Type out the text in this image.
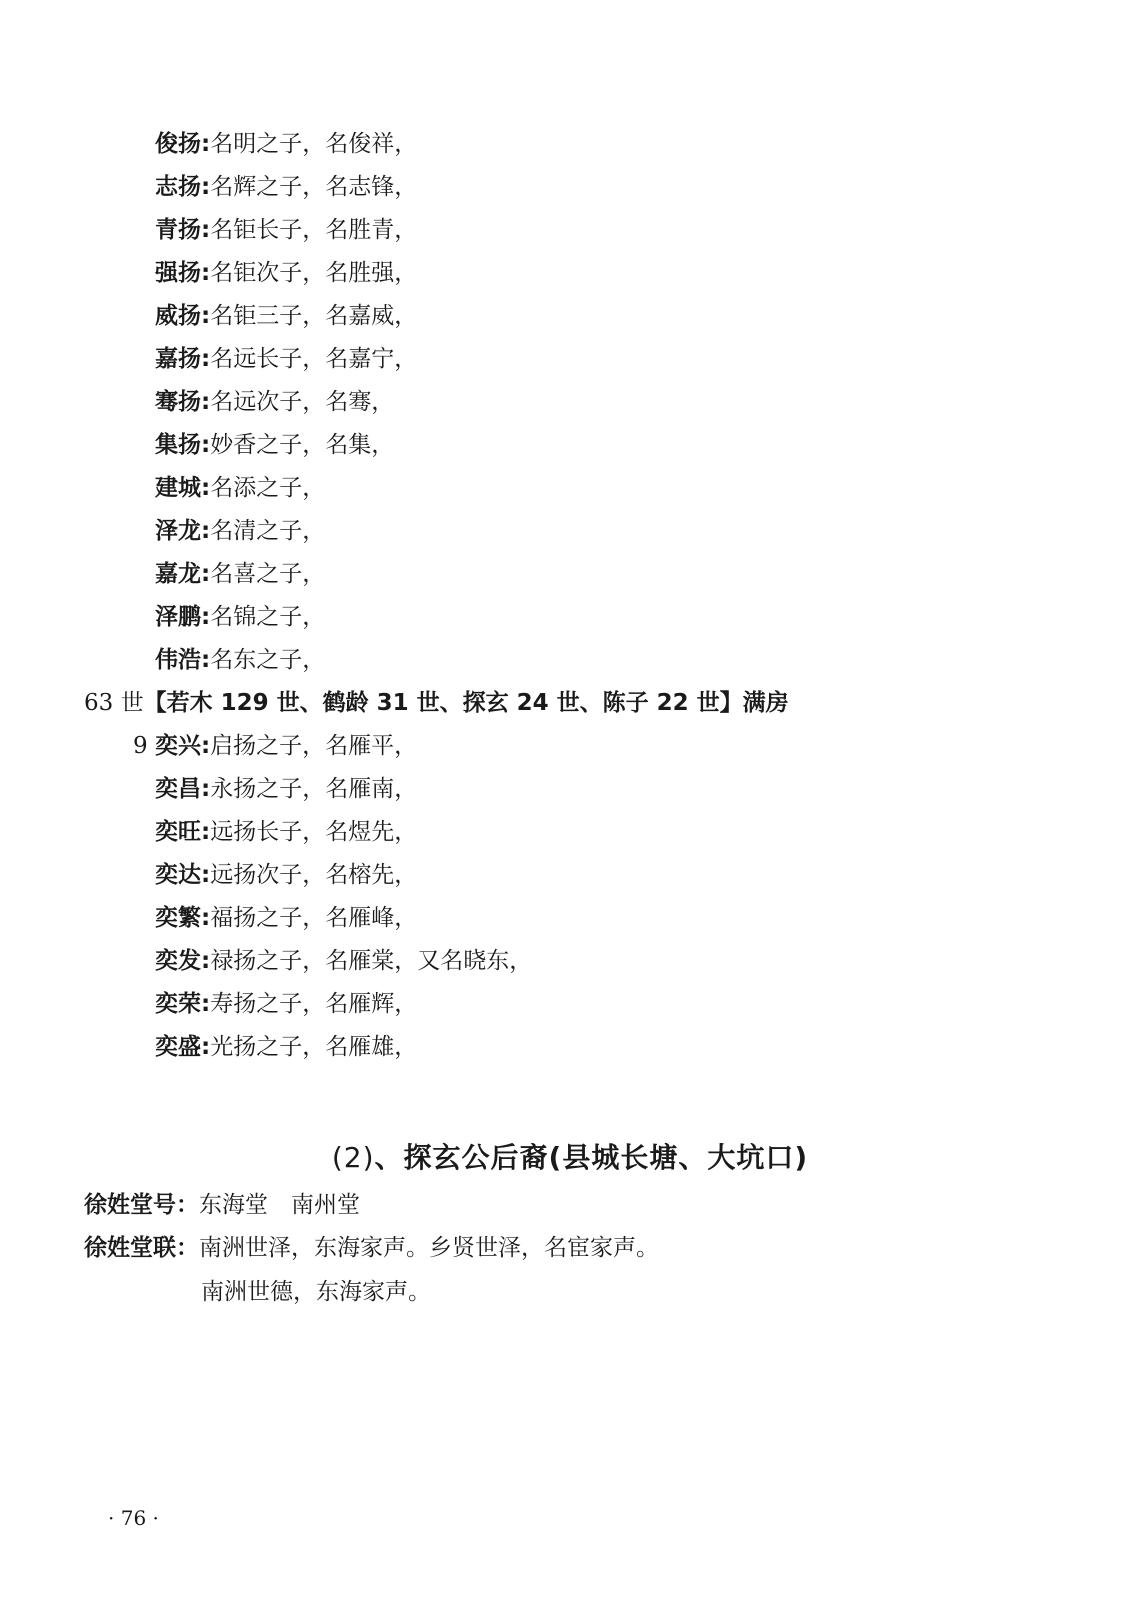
俊扬:名明之子，名俊祥，
志扬:名辉之子，名志锋，
青扬:名钜长子，名胜青，
强扬:名钜次子，名胜强，
威扬:名钜三子，名嘉威，
嘉扬:名远长子，名嘉宁，
骞扬:名远次子，名骞，
集扬:妙香之子，名集，
建城:名添之子，
泽龙:名清之子，
嘉龙:名喜之子，
泽鹏:名锦之子，
伟浩:名东之子，
63 世【若木 129 世、鹤龄 31 世、探玄 24 世、陈子 22 世】满房
9 奕兴:启扬之子，名雁平，
奕昌:永扬之子，名雁南，
奕旺:远扬长子，名煜先，
奕达:远扬次子，名榕先，
奕繁:福扬之子，名雁峰，
奕发:禄扬之子，名雁棠，又名晓东，
奕荣:寿扬之子，名雁辉，
奕盛:光扬之子，名雁雄，
(2)、探玄公后裔(县城长塘、大坑口)
徐姓堂号：东海堂　南州堂
徐姓堂联：南洲世泽，东海家声。乡贤世泽，名宦家声。
南洲世德，东海家声。
· 76 ·
